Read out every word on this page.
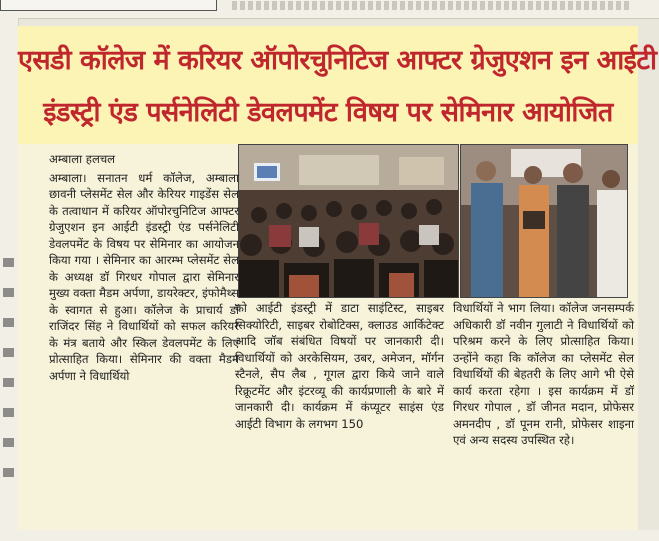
एसडी कॉलेज में करियर ऑपोरचुनिटिज आफ्टर ग्रेजुएशन इन आईटी
इंडस्ट्री एंड पर्सनेलिटी डेवलपमेंट विषय पर सेमिनार आयोजित
अम्बाला हलचल
अम्बाला। सनातन धर्म कॉलेज, अम्बाला छावनी प्लेसमेंट सेल और केरियर गाइडेंस सेल के तत्वाधान में करियर ऑपोरचुनिटिज आफ्टर ग्रेजुएशन इन आईटी इंडस्ट्री एंड पर्सनेलिटी डेवलपमेंट के विषय पर सेमिनार का आयोजन किया गया । सेमिनार का आरम्भ प्लेसमेंट सेल के अध्यक्ष डॉ गिरधर गोपाल द्वारा सेमिनार मुख्य वक्ता मैडम अर्पणा, डायरेक्टर, इंफोमैथ्स के स्वागत से हुआ। कॉलेज के प्राचार्य डॉ राजिंदर सिंह ने विधार्थियों को सफल करियर के मंत्र बताये और स्किल डेवलपमेंट के लिए प्रोत्साहित किया। सेमिनार की वक्ता मैडम अर्पणा ने विधार्थियो
को आईटी इंडस्ट्री में डाटा साइंटिस्ट, साइबर सिक्योरिटी, साइबर रोबोटिक्स, क्लाउड आर्किटेक्ट आदि जॉब संबंधित विषयों पर जानकारी दी। विधार्थियों को अरकेसियम, उबर, अमेजन, मॉर्गन स्टैनले, सैप लैब , गूगल द्वारा किये जाने वाले रिक्रूटमेंट और इंटरव्यू की कार्यप्रणाली के बारे में जानकारी दी। कार्यक्रम में कंप्यूटर साइंस एंड आईटी विभाग के लगभग 150
विधार्थियों ने भाग लिया। कॉलेज जनसम्पर्क अधिकारी डॉ नवीन गुलाटी ने विधार्थियों को परिश्रम करने के लिए प्रोत्साहित किया। उन्होंने कहा कि कॉलेज का प्लेसमेंट सेल विधार्थियों की बेहतरी के लिए आगे भी ऐसे कार्य करता रहेगा । इस कार्यक्रम में डॉ गिरधर गोपाल , डॉ जीनत मदान, प्रोफेसर अमनदीप , डॉ पूनम रानी, प्रोफेसर शाइना एवं अन्य सदस्य उपस्थित रहे।
